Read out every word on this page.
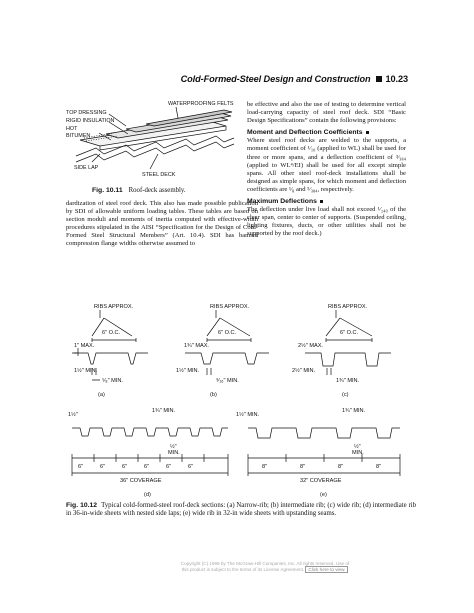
Cold-Formed-Steel Design and Construction 10.23
WATERPROOFING FELTS
TOP DRESSING
RIGID INSULATION
HOT
BITUMEN
SIDE LAP
STEEL DECK
Fig. 10.11 Roof-deck assembly.

dardization of steel roof deck. This also has made possible publication by SDI of allowable uniform loading tables. These tables are based on section moduli and moments of inertia computed with effective-width procedures stipulated in the AISI “Specification for the Design of Cold-Formed Steel Structural Members” (Art. 10.4). SDI has banned compression flange widths otherwise assumed to

be effective and also the use of testing to determine vertical load-carrying capacity of steel roof deck. SDI “Basic Design Specifications” contain the following provisions:

Moment and Deflection Coefficients

Where steel roof decks are welded to the supports, a moment coefficient of ¹⁄₁₀ (applied to WL) shall be used for three or more spans, and a deflection coefficient of ³⁄₃₈₄ (applied to WL⁴/EI) shall be used for all except simple spans. All other steel roof-deck installations shall be designed as simple spans, for which moment and deflection coefficients are ¹⁄₈ and ⁵⁄₃₈₄, respectively.

Maximum Deflections

The deflection under live load shall not exceed ¹⁄₂₄₀ of the clear span, center to center of supports. (Suspended ceiling, lighting fixtures, ducts, or other utilities shall not be supported by the roof deck.)

RIBS APPROX.
6" O.C.
1" MAX.
1½" MIN.
⁵⁄₈" MIN.
(a)
RIBS APPROX.
6" O.C.
1¾" MAX.
1½" MIN.
⁹⁄₁₆" MIN.
(b)
RIBS APPROX.
6" O.C.
2½" MAX.
2½" MIN.
1¾" MIN.
(c)
1½"
1¾" MIN.
½"
MIN.
6"	6"	6"	6"	6"	6"
36" COVERAGE
(d)
1½" MIN.
1¾" MIN.
½"
MIN.
8"	8"	8"	8"
32" COVERAGE
(e)
Fig. 10.12 Typical cold-formed-steel roof-deck sections: (a) Narrow-rib; (b) intermediate rib; (c) wide rib; (d) intermediate rib in 36-in-wide sheets with nested side laps; (e) wide rib in 32-in wide sheets with upstanding seams.
Copyright (C) 1999 by The McGraw-Hill Companies, Inc. All rights reserved. Use of
this product is subject to the terms of its License Agreement. Click here to view.
